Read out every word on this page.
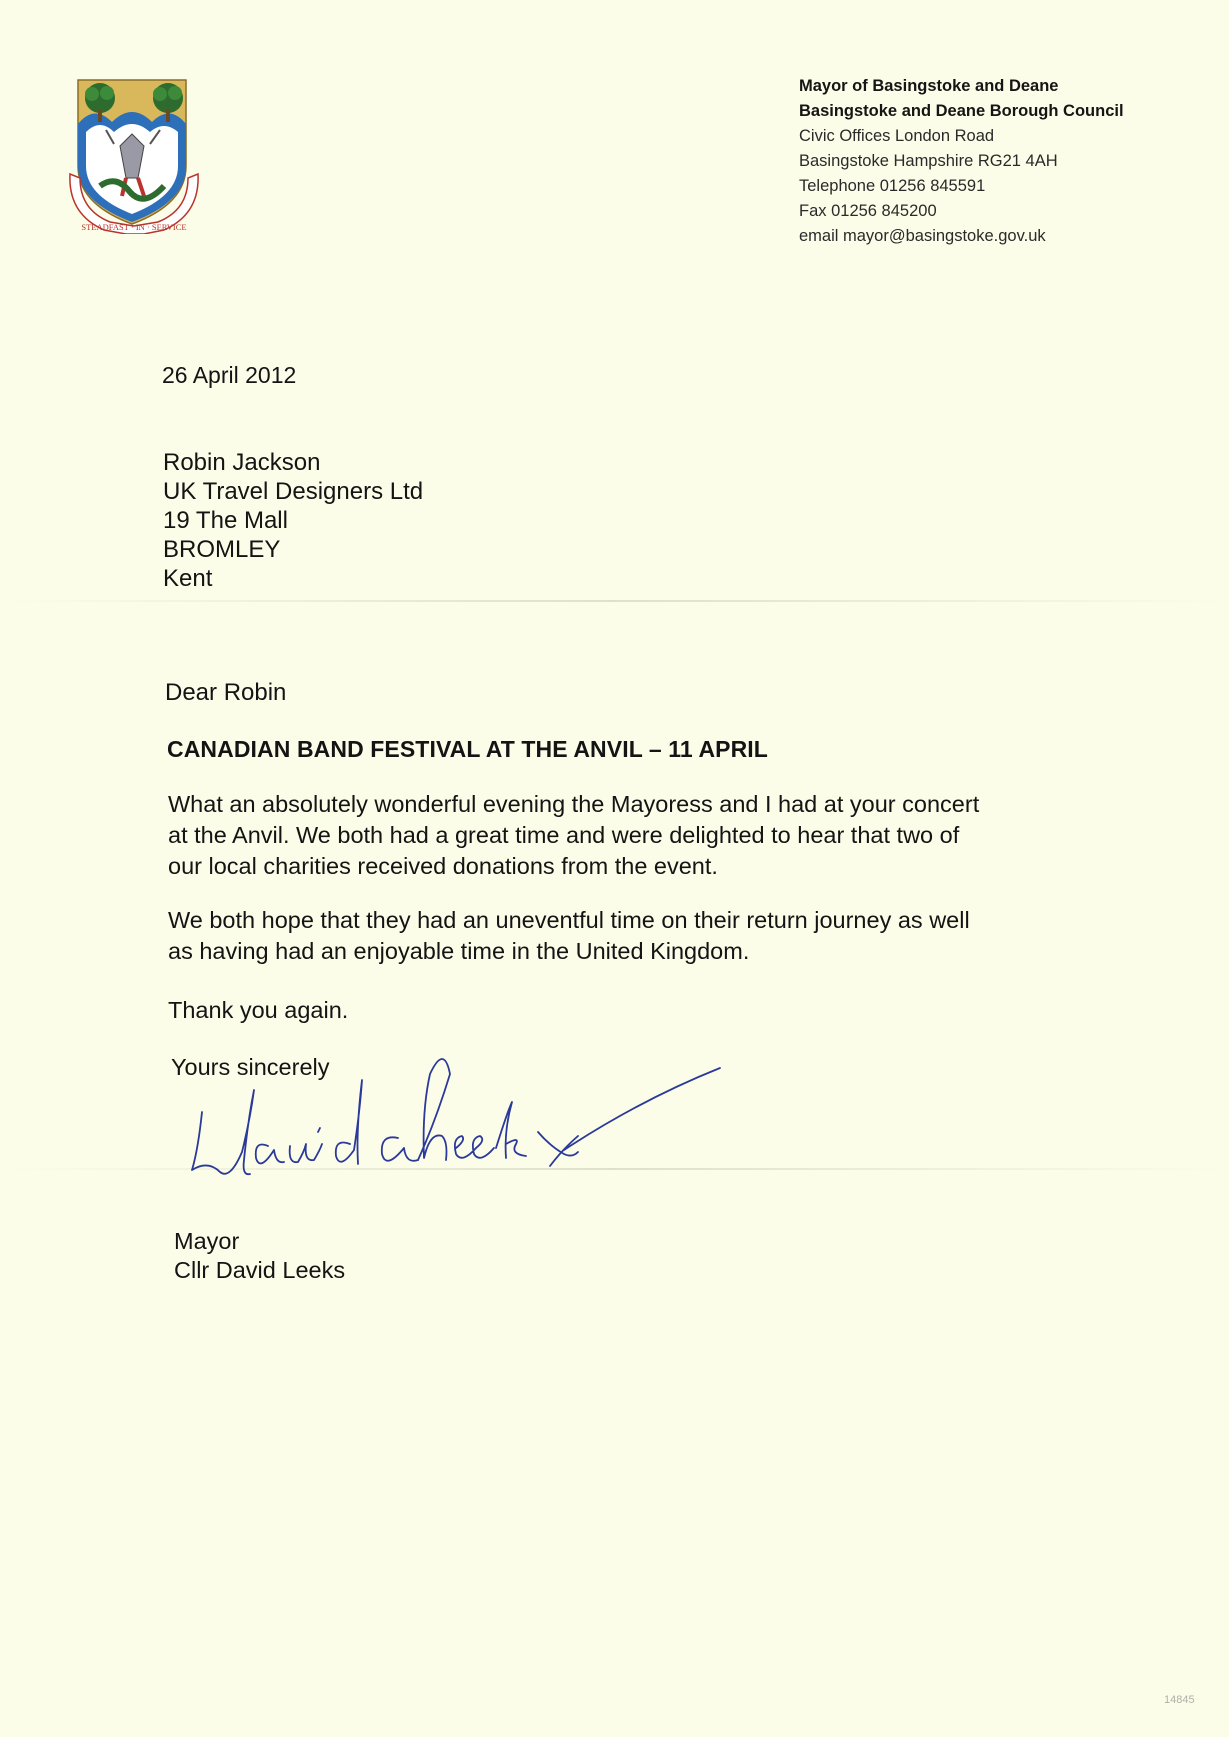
STEADFAST · IN · SERVICE
Mayor of Basingstoke and Deane
Basingstoke and Deane Borough Council
Civic Offices London Road
Basingstoke Hampshire RG21 4AH
Telephone 01256 845591
Fax 01256 845200
email mayor@basingstoke.gov.uk
26 April 2012
Robin Jackson
UK Travel Designers Ltd
19 The Mall
BROMLEY
Kent
Dear Robin
CANADIAN BAND FESTIVAL AT THE ANVIL – 11 APRIL
What an absolutely wonderful evening the Mayoress and I had at your concert
at the Anvil. We both had a great time and were delighted to hear that two of
our local charities received donations from the event.
We both hope that they had an uneventful time on their return journey as well
as having had an enjoyable time in the United Kingdom.
Thank you again.
Yours sincerely
Mayor
Cllr David Leeks
14845
